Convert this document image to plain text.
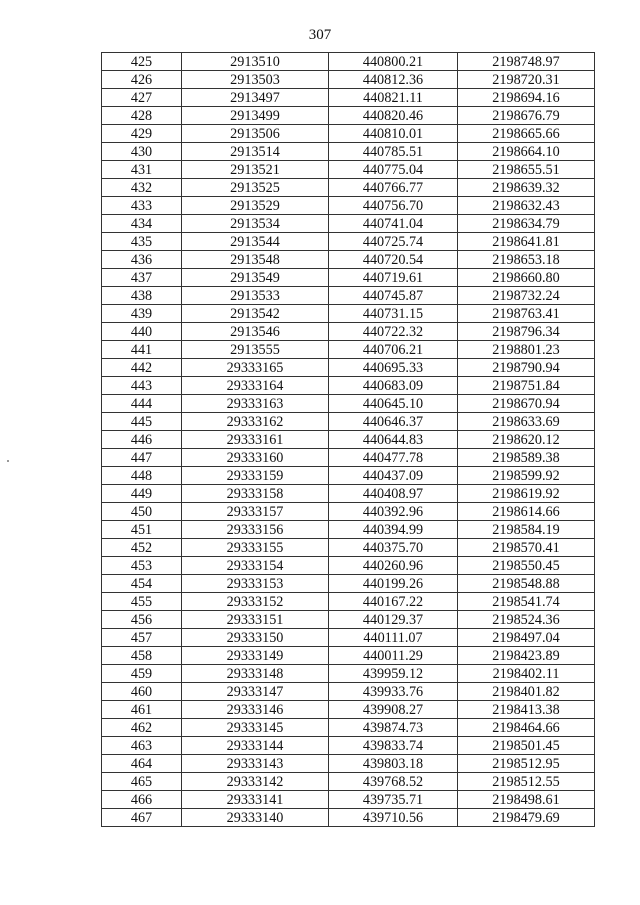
307
425	2913510	440800.21	2198748.97
426	2913503	440812.36	2198720.31
427	2913497	440821.11	2198694.16
428	2913499	440820.46	2198676.79
429	2913506	440810.01	2198665.66
430	2913514	440785.51	2198664.10
431	2913521	440775.04	2198655.51
432	2913525	440766.77	2198639.32
433	2913529	440756.70	2198632.43
434	2913534	440741.04	2198634.79
435	2913544	440725.74	2198641.81
436	2913548	440720.54	2198653.18
437	2913549	440719.61	2198660.80
438	2913533	440745.87	2198732.24
439	2913542	440731.15	2198763.41
440	2913546	440722.32	2198796.34
441	2913555	440706.21	2198801.23
442	29333165	440695.33	2198790.94
443	29333164	440683.09	2198751.84
444	29333163	440645.10	2198670.94
445	29333162	440646.37	2198633.69
446	29333161	440644.83	2198620.12
447	29333160	440477.78	2198589.38
448	29333159	440437.09	2198599.92
449	29333158	440408.97	2198619.92
450	29333157	440392.96	2198614.66
451	29333156	440394.99	2198584.19
452	29333155	440375.70	2198570.41
453	29333154	440260.96	2198550.45
454	29333153	440199.26	2198548.88
455	29333152	440167.22	2198541.74
456	29333151	440129.37	2198524.36
457	29333150	440111.07	2198497.04
458	29333149	440011.29	2198423.89
459	29333148	439959.12	2198402.11
460	29333147	439933.76	2198401.82
461	29333146	439908.27	2198413.38
462	29333145	439874.73	2198464.66
463	29333144	439833.74	2198501.45
464	29333143	439803.18	2198512.95
465	29333142	439768.52	2198512.55
466	29333141	439735.71	2198498.61
467	29333140	439710.56	2198479.69
